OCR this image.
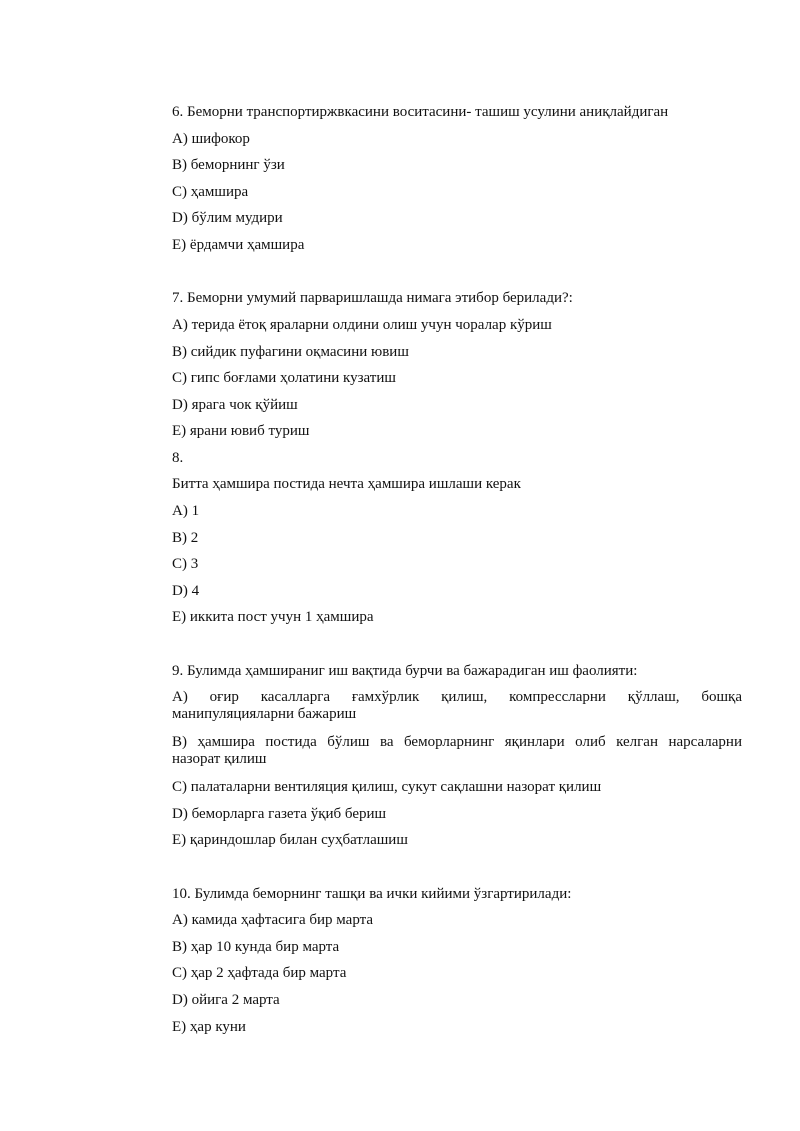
6. Беморни транспортиржвкасини воситасини- ташиш усулини аниқлайдиган
A) шифокор
B) беморнинг ўзи
C) ҳамшира
D) бўлим мудири
E) ёрдамчи ҳамшира
7. Беморни умумий парваришлашда нимага этибор берилади?:
A) терида ётоқ яраларни олдини олиш учун чоралар кўриш
B) сийдик пуфагини оқмасини ювиш
C) гипс боғлами ҳолатини кузатиш
D) ярага чок қўйиш
E) ярани ювиб туриш
8.
Битта ҳамшира постида нечта ҳамшира ишлаши керак
A) 1
B) 2
C) 3
D) 4
E) иккита пост учун 1 ҳамшира
9. Булимда ҳамшираниг иш вақтида бурчи ва бажарадиган иш фаолияти:
A) оғир касалларга ғамхўрлик қилиш, компрессларни қўллаш, бошқа
манипуляцияларни бажариш
B) ҳамшира постида бўлиш ва беморларнинг яқинлари олиб келган нарсаларни
назорат қилиш
C) палаталарни вентиляция қилиш, сукут сақлашни назорат қилиш
D) беморларга газета ўқиб бериш
E) қариндошлар билан суҳбатлашиш
10. Булимда беморнинг ташқи ва ички кийими ўзгартирилади:
A) камида ҳафтасига бир марта
B) ҳар 10 кунда бир марта
C) ҳар 2 ҳафтада бир марта
D) ойига 2 марта
E) ҳар куни
